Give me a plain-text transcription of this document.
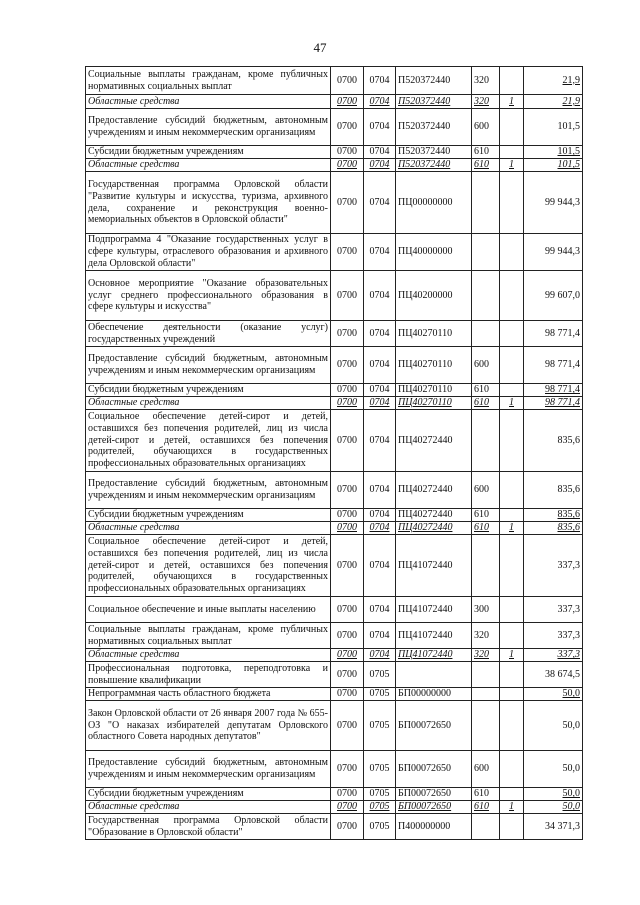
47
Социальные выплаты гражданам, кроме публичных нормативных социальных выплат	0700	0704	П520372440	320		21,9
Областные средства	0700	0704	П520372440	320	1	21,9
Предоставление субсидий бюджетным, автономным учреждениям и иным некоммерческим организациям	0700	0704	П520372440	600		101,5
Субсидии бюджетным учреждениям	0700	0704	П520372440	610		101,5
Областные средства	0700	0704	П520372440	610	1	101,5
Государственная программа Орловской области "Развитие культуры и искусства, туризма, архивного дела, сохранение и реконструкция военно-мемориальных объектов в Орловской области"	0700	0704	ПЦ00000000			99 944,3
Подпрограмма 4 "Оказание государственных услуг в сфере культуры, отраслевого образования и архивного дела Орловской области"	0700	0704	ПЦ40000000			99 944,3
Основное мероприятие "Оказание образовательных услуг среднего профессионального образования в сфере культуры и искусства"	0700	0704	ПЦ40200000			99 607,0
Обеспечение деятельности (оказание услуг) государственных учреждений	0700	0704	ПЦ40270110			98 771,4
Предоставление субсидий бюджетным, автономным учреждениям и иным некоммерческим организациям	0700	0704	ПЦ40270110	600		98 771,4
Субсидии бюджетным учреждениям	0700	0704	ПЦ40270110	610		98 771,4
Областные средства	0700	0704	ПЦ40270110	610	1	98 771,4
Социальное обеспечение детей-сирот и детей, оставшихся без попечения родителей, лиц из числа детей-сирот и детей, оставшихся без попечения родителей, обучающихся в государственных профессиональных образовательных организациях	0700	0704	ПЦ40272440			835,6
Предоставление субсидий бюджетным, автономным учреждениям и иным некоммерческим организациям	0700	0704	ПЦ40272440	600		835,6
Субсидии бюджетным учреждениям	0700	0704	ПЦ40272440	610		835,6
Областные средства	0700	0704	ПЦ40272440	610	1	835,6
Социальное обеспечение детей-сирот и детей, оставшихся без попечения родителей, лиц из числа детей-сирот и детей, оставшихся без попечения родителей, обучающихся в государственных профессиональных образовательных организациях	0700	0704	ПЦ41072440			337,3
Социальное обеспечение и иные выплаты населению	0700	0704	ПЦ41072440	300		337,3
Социальные выплаты гражданам, кроме публичных нормативных социальных выплат	0700	0704	ПЦ41072440	320		337,3
Областные средства	0700	0704	ПЦ41072440	320	1	337,3
Профессиональная подготовка, переподготовка и повышение квалификации	0700	0705				38 674,5
Непрограммная часть областного бюджета	0700	0705	БП00000000			50,0
Закон Орловской области от 26 января 2007 года № 655-ОЗ "О наказах избирателей депутатам Орловского областного Совета народных депутатов"	0700	0705	БП00072650			50,0
Предоставление субсидий бюджетным, автономным учреждениям и иным некоммерческим организациям	0700	0705	БП00072650	600		50,0
Субсидии бюджетным учреждениям	0700	0705	БП00072650	610		50,0
Областные средства	0700	0705	БП00072650	610	1	50,0
Государственная программа Орловской области "Образование в Орловской области"	0700	0705	П400000000			34 371,3
